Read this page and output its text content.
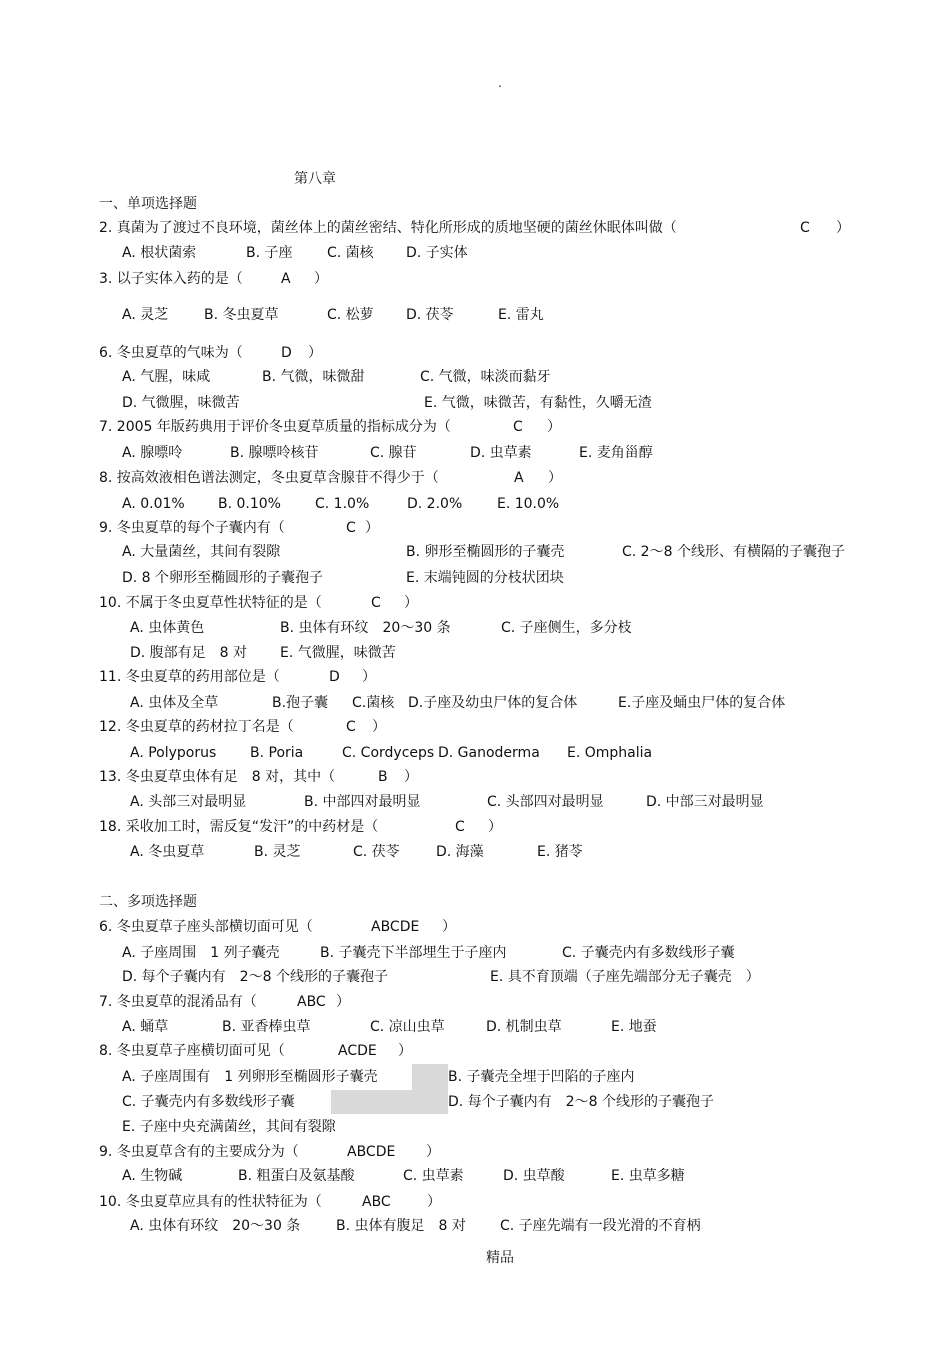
.
第八章
一、单项选择题
2. 真菌为了渡过不良环境，菌丝体上的菌丝密结、特化所形成的质地坚硬的菌丝休眠体叫做（	C ）
A. 根状菌索	B. 子座 C. 菌核 D. 子实体
3. 以子实体入药的是（	A ）
A. 灵芝	B. 冬虫夏草	C. 松萝 D. 茯苓	E. 雷丸
6. 冬虫夏草的气味为（	D ）
A. 气腥，味咸	B. 气微，味微甜	C. 气微，味淡而黏牙
D. 气微腥，味微苦	E. 气微，味微苦，有黏性，久嚼无渣
7. 2005 年版药典用于评价冬虫夏草质量的指标成分为（	C ）
A. 腺嘌呤	B. 腺嘌呤核苷	C. 腺苷	D. 虫草素	E. 麦角甾醇
8. 按高效液相色谱法测定，冬虫夏草含腺苷不得少于（	A ）
A. 0.01% B. 0.10% C. 1.0%	D. 2.0% E. 10.0%
9. 冬虫夏草的每个子囊内有（	C ）
A. 大量菌丝，其间有裂隙	B. 卵形至椭圆形的子囊壳	C. 2～8 个线形、有横隔的子囊孢子
D. 8 个卵形至椭圆形的子囊孢子	E. 末端钝圆的分枝状团块
10. 不属于冬虫夏草性状特征的是（	C ）
A. 虫体黄色	B. 虫体有环纹　20～30 条	C. 子座侧生，多分枝
D. 腹部有足　8 对 E. 气微腥，味微苦
11. 冬虫夏草的药用部位是（	D ）
A. 虫体及全草	B.孢子囊 C.菌核 D.子座及幼虫尸体的复合体	E.子座及蛹虫尸体的复合体
12. 冬虫夏草的药材拉丁名是（	C ）
A. Polyporus B. Poria	C. Cordyceps D. Ganoderma E. Omphalia
13. 冬虫夏草虫体有足　8 对，其中（	B ）
A. 头部三对最明显	B. 中部四对最明显	C. 头部四对最明显	D. 中部三对最明显
18. 采收加工时，需反复“发汗”的中药材是（	C ）
A. 冬虫夏草	B. 灵芝	C. 茯苓	D. 海藻	E. 猪苓
二、多项选择题
6. 冬虫夏草子座头部横切面可见（	ABCDE ）
A. 子座周围　1 列子囊壳	B. 子囊壳下半部埋生于子座内	C. 子囊壳内有多数线形子囊
D. 每个子囊内有　2～8 个线形的子囊孢子	E. 具不育顶端（子座先端部分无子囊壳　）
7. 冬虫夏草的混淆品有（	ABC ）
A. 蛹草	B. 亚香棒虫草	C. 凉山虫草	D. 机制虫草	E. 地蚕
8. 冬虫夏草子座横切面可见（	ACDE ）
A. 子座周围有　1 列卵形至椭圆形子囊壳	B. 子囊壳全埋于凹陷的子座内
C. 子囊壳内有多数线形子囊	D. 每个子囊内有　2～8 个线形的子囊孢子
E. 子座中央充满菌丝，其间有裂隙
9. 冬虫夏草含有的主要成分为（	ABCDE ）
A. 生物碱	B. 粗蛋白及氨基酸	C. 虫草素	D. 虫草酸	E. 虫草多糖
10. 冬虫夏草应具有的性状特征为（	ABC	）
A. 虫体有环纹　20～30 条	B. 虫体有腹足　8 对 C. 子座先端有一段光滑的不育柄
精品
